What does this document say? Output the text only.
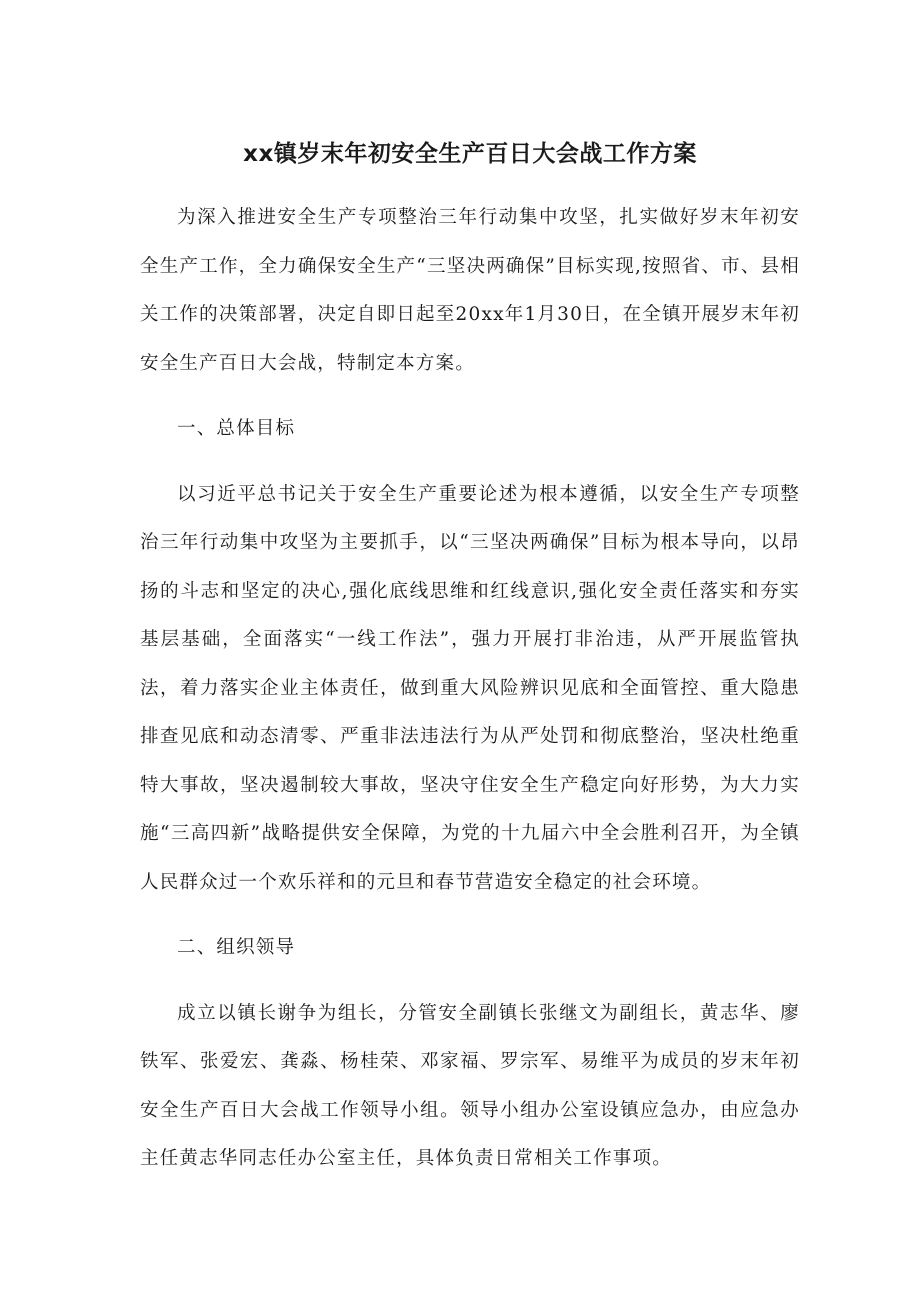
xx镇岁末年初安全生产百日大会战工作方案

为深入推进安全生产专项整治三年行动集中攻坚，扎实做好岁末年初安全生产工作，全力确保安全生产“三坚决两确保”目标实现,按照省、市、县相关工作的决策部署，决定自即日起至20xx年1月30日，在全镇开展岁末年初安全生产百日大会战，特制定本方案。

一、总体目标

以习近平总书记关于安全生产重要论述为根本遵循，以安全生产专项整治三年行动集中攻坚为主要抓手，以“三坚决两确保”目标为根本导向，以昂扬的斗志和坚定的决心,强化底线思维和红线意识,强化安全责任落实和夯实基层基础，全面落实“一线工作法”，强力开展打非治违，从严开展监管执法，着力落实企业主体责任，做到重大风险辨识见底和全面管控、重大隐患排查见底和动态清零、严重非法违法行为从严处罚和彻底整治，坚决杜绝重特大事故，坚决遏制较大事故，坚决守住安全生产稳定向好形势，为大力实施“三高四新”战略提供安全保障，为党的十九届六中全会胜利召开，为全镇人民群众过一个欢乐祥和的元旦和春节营造安全稳定的社会环境。

二、组织领导

成立以镇长谢争为组长，分管安全副镇长张继文为副组长，黄志华、廖铁军、张爱宏、龚淼、杨桂荣、邓家福、罗宗军、易维平为成员的岁末年初安全生产百日大会战工作领导小组。领导小组办公室设镇应急办，由应急办主任黄志华同志任办公室主任，具体负责日常相关工作事项。
